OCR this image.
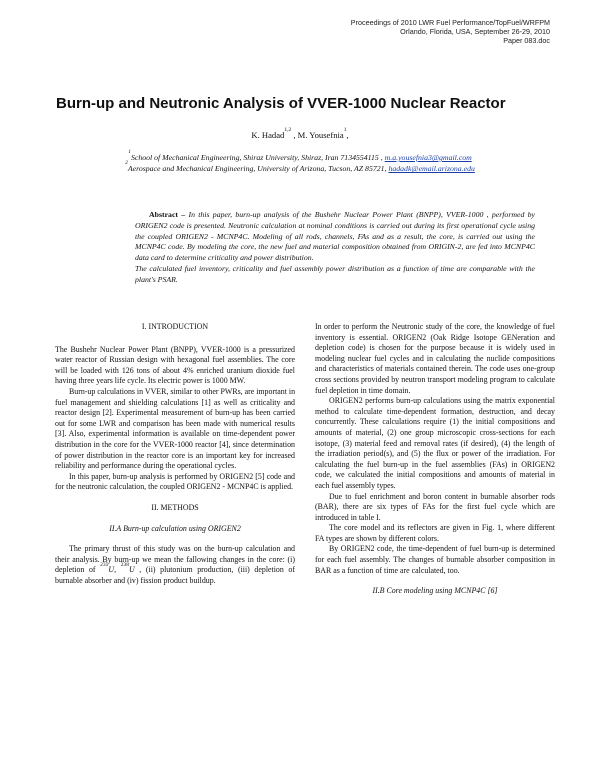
Proceedings of 2010 LWR Fuel Performance/TopFuel/WRFPM
Orlando, Florida, USA, September 26-29, 2010
Paper 083.doc
Burn-up and Neutronic Analysis of VVER-1000 Nuclear Reactor
K. Hadad$^{1,2}$ , M. Yousefnia$^1$,
$^1$School of Mechanical Engineering, Shiraz University, Shiraz, Iran 7134554115 , m.a.yousefnia3@gmail.com
$^2$Aerospace and Mechanical Engineering, University of Arizona, Tucson, AZ 85721, hadadk@email.arizona.edu

Abstract – In this paper, burn-up analysis of the Bushehr Nuclear Power Plant (BNPP), VVER-1000 , performed by ORIGEN2 code is presented. Neutronic calculation at nominal conditions is carried out during its first operational cycle using the coupled ORIGEN2 - MCNP4C. Modeling of all rods, channels, FAs and as a result, the core, is carried out using the MCNP4C code. By modeling the core, the new fuel and material composition obtained from ORIGIN-2, are fed into MCNP4C data card to determine criticality and power distribution.

The calculated fuel inventory, criticality and fuel assembly power distribution as a function of time are comparable with the plant's PSAR.

I. INTRODUCTION

The Bushehr Nuclear Power Plant (BNPP), VVER-1000 is a pressurized water reactor of Russian design with hexagonal fuel assemblies. The core will be loaded with 126 tons of about 4% enriched uranium dioxide fuel having three years life cycle. Its electric power is 1000 MW.

Burn-up calculations in VVER, similar to other PWRs, are important in fuel management and shielding calculations [1] as well as criticality and reactor design [2]. Experimental measurement of burn-up has been carried out for some LWR and comparison has been made with numerical results [3]. Also, experimental information is available on time-dependent power distribution in the core for the VVER-1000 reactor [4], since determination of power distribution in the reactor core is an important key for increased reliability and performance during the operational cycles.

In this paper, burn-up analysis is performed by ORIGEN2 [5] code and for the neutronic calculation, the coupled ORIGEN2 - MCNP4C is applied.

II. METHODS

II.A Burn-up calculation using ORIGEN2

The primary thrust of this study was on the burn-up calculation and their analysis. By burn-up we mean the fallowing changes in the core: (i) depletion of $^{235}$U, $^{238}$U , (ii) plutonium production, (iii) depletion of burnable absorber and (iv) fission product buildup.

In order to perform the Neutronic study of the core, the knowledge of fuel inventory is essential. ORIGEN2 (Oak Ridge Isotope GENeration and depletion code) is chosen for the purpose because it is widely used in modeling nuclear fuel cycles and in calculating the nuclide compositions and characteristics of materials contained therein. The code uses one-group cross sections provided by neutron transport modeling program to calculate fuel depletion in time domain.

ORIGEN2 performs burn-up calculations using the matrix exponential method to calculate time-dependent formation, destruction, and decay concurrently. These calculations require (1) the initial compositions and amounts of material, (2) one group microscopic cross-sections for each isotope, (3) material feed and removal rates (if desired), (4) the length of the irradiation period(s), and (5) the flux or power of the irradiation. For calculating the fuel burn-up in the fuel assemblies (FAs) in ORIGEN2 code, we calculated the initial compositions and amounts of material in each fuel assembly types.

Due to fuel enrichment and boron content in burnable absorber rods (BAR), there are six types of FAs for the first fuel cycle which are introduced in table I.

The core model and its reflectors are given in Fig. 1, where different FA types are shown by different colors.

By ORIGEN2 code, the time-dependent of fuel burn-up is determined for each fuel assembly. The changes of burnable absorber composition in BAR as a function of time are calculated, too.

II.B Core modeling using MCNP4C [6]
